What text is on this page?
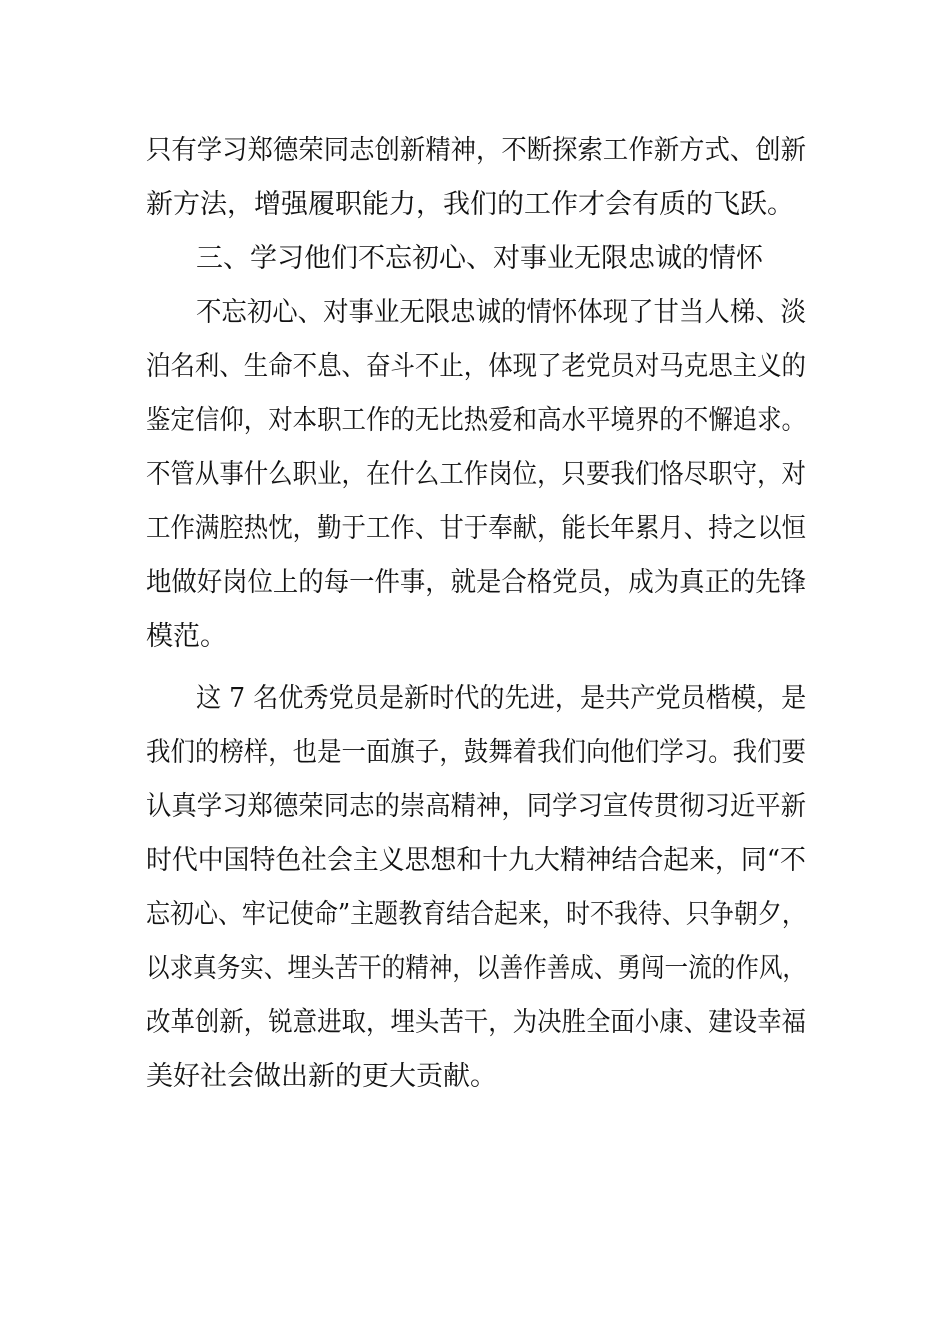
只有学习郑德荣同志创新精神，不断探索工作新方式、创新

新方法，增强履职能力，我们的工作才会有质的飞跃。

三、学习他们不忘初心、对事业无限忠诚的情怀

不忘初心、对事业无限忠诚的情怀体现了甘当人梯、淡

泊名利、生命不息、奋斗不止，体现了老党员对马克思主义的

鉴定信仰，对本职工作的无比热爱和高水平境界的不懈追求。

不管从事什么职业，在什么工作岗位，只要我们恪尽职守，对

工作满腔热忱，勤于工作、甘于奉献，能长年累月、持之以恒

地做好岗位上的每一件事，就是合格党员，成为真正的先锋

模范。

这 7 名优秀党员是新时代的先进，是共产党员楷模，是

我们的榜样，也是一面旗子，鼓舞着我们向他们学习。我们要

认真学习郑德荣同志的崇高精神，同学习宣传贯彻习近平新

时代中国特色社会主义思想和十九大精神结合起来，同“不

忘初心、牢记使命”主题教育结合起来，时不我待、只争朝夕，

以求真务实、埋头苦干的精神，以善作善成、勇闯一流的作风，

改革创新，锐意进取，埋头苦干，为决胜全面小康、建设幸福

美好社会做出新的更大贡献。
